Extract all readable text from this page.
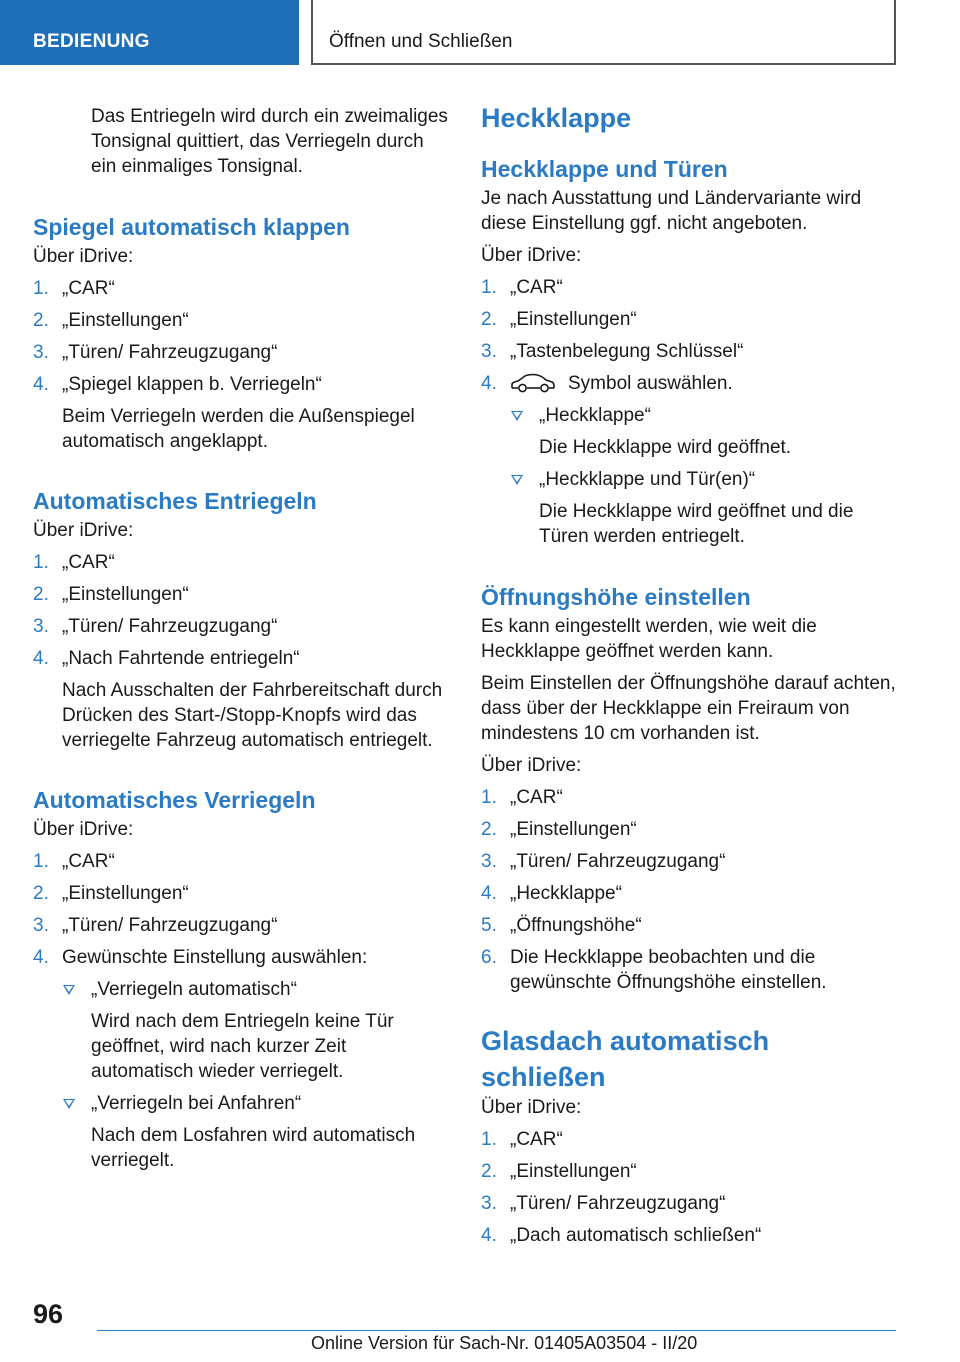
BEDIENUNG	Öffnen und Schließen

Das Entriegeln wird durch ein zweimaliges Tonsignal quittiert, das Verriegeln durch ein einmaliges Tonsignal.

Spiegel automatisch klappen

Über iDrive:

1. „CAR“
2. „Einstellungen“
3. „Türen/ Fahrzeugzugang“
4. „Spiegel klappen b. Verriegeln“
Beim Verriegeln werden die Außenspiegel automatisch angeklappt.
Automatisches Entriegeln

Über iDrive:

1. „CAR“
2. „Einstellungen“
3. „Türen/ Fahrzeugzugang“
4. „Nach Fahrtende entriegeln“
Nach Ausschalten der Fahrbereitschaft durch Drücken des Start-/Stopp-Knopfs wird das verriegelte Fahrzeug automatisch entriegelt.
Automatisches Verriegeln

Über iDrive:

1. „CAR“
2. „Einstellungen“
3. „Türen/ Fahrzeugzugang“
4. Gewünschte Einstellung auswählen:
„Verriegeln automatisch“
Wird nach dem Entriegeln keine Tür geöffnet, wird nach kurzer Zeit automatisch wieder verriegelt.
„Verriegeln bei Anfahren“
Nach dem Losfahren wird automatisch verriegelt.
Heckklappe
Heckklappe und Türen

Je nach Ausstattung und Ländervariante wird diese Einstellung ggf. nicht angeboten.

Über iDrive:

1. „CAR“
2. „Einstellungen“
3. „Tastenbelegung Schlüssel“
4.	Symbol auswählen.
„Heckklappe“
Die Heckklappe wird geöffnet.
„Heckklappe und Tür(en)“
Die Heckklappe wird geöffnet und die Türen werden entriegelt.
Öffnungshöhe einstellen

Es kann eingestellt werden, wie weit die Heckklappe geöffnet werden kann.

Beim Einstellen der Öffnungshöhe darauf achten, dass über der Heckklappe ein Freiraum von mindestens 10 cm vorhanden ist.

Über iDrive:

1. „CAR“
2. „Einstellungen“
3. „Türen/ Fahrzeugzugang“
4. „Heckklappe“
5. „Öffnungshöhe“
6. Die Heckklappe beobachten und die gewünschte Öffnungshöhe einstellen.
Glasdach automatisch schließen

Über iDrive:

1. „CAR“
2. „Einstellungen“
3. „Türen/ Fahrzeugzugang“
4. „Dach automatisch schließen“
96
Online Version für Sach-Nr. 01405A03504 - II/20
